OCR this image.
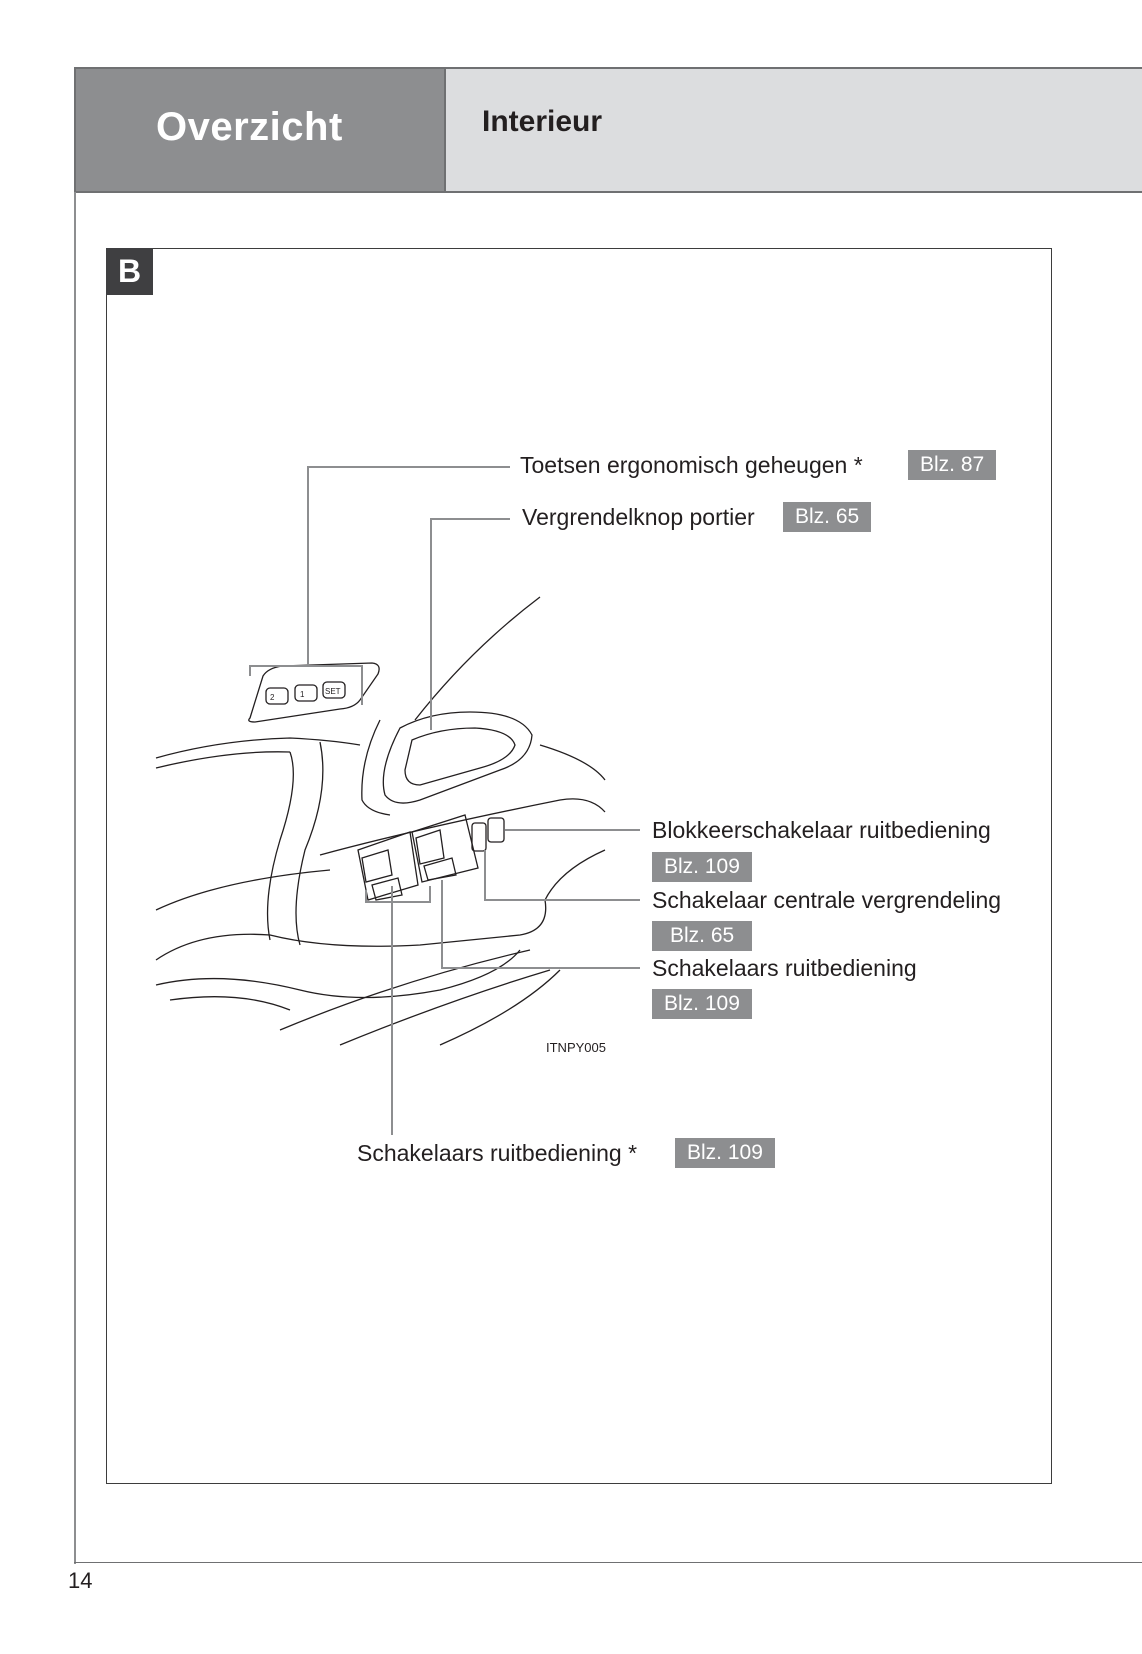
Overzicht	Interieur
B
2	1	SET
Toetsen ergonomisch geheugen *	Blz. 87
Vergrendelknop portier	Blz. 65
Blokkeerschakelaar ruitbediening
Blz. 109
Schakelaar centrale vergrendeling
Blz. 65
Schakelaars ruitbediening
Blz. 109
ITNPY005
Schakelaars ruitbediening *	Blz. 109
14
